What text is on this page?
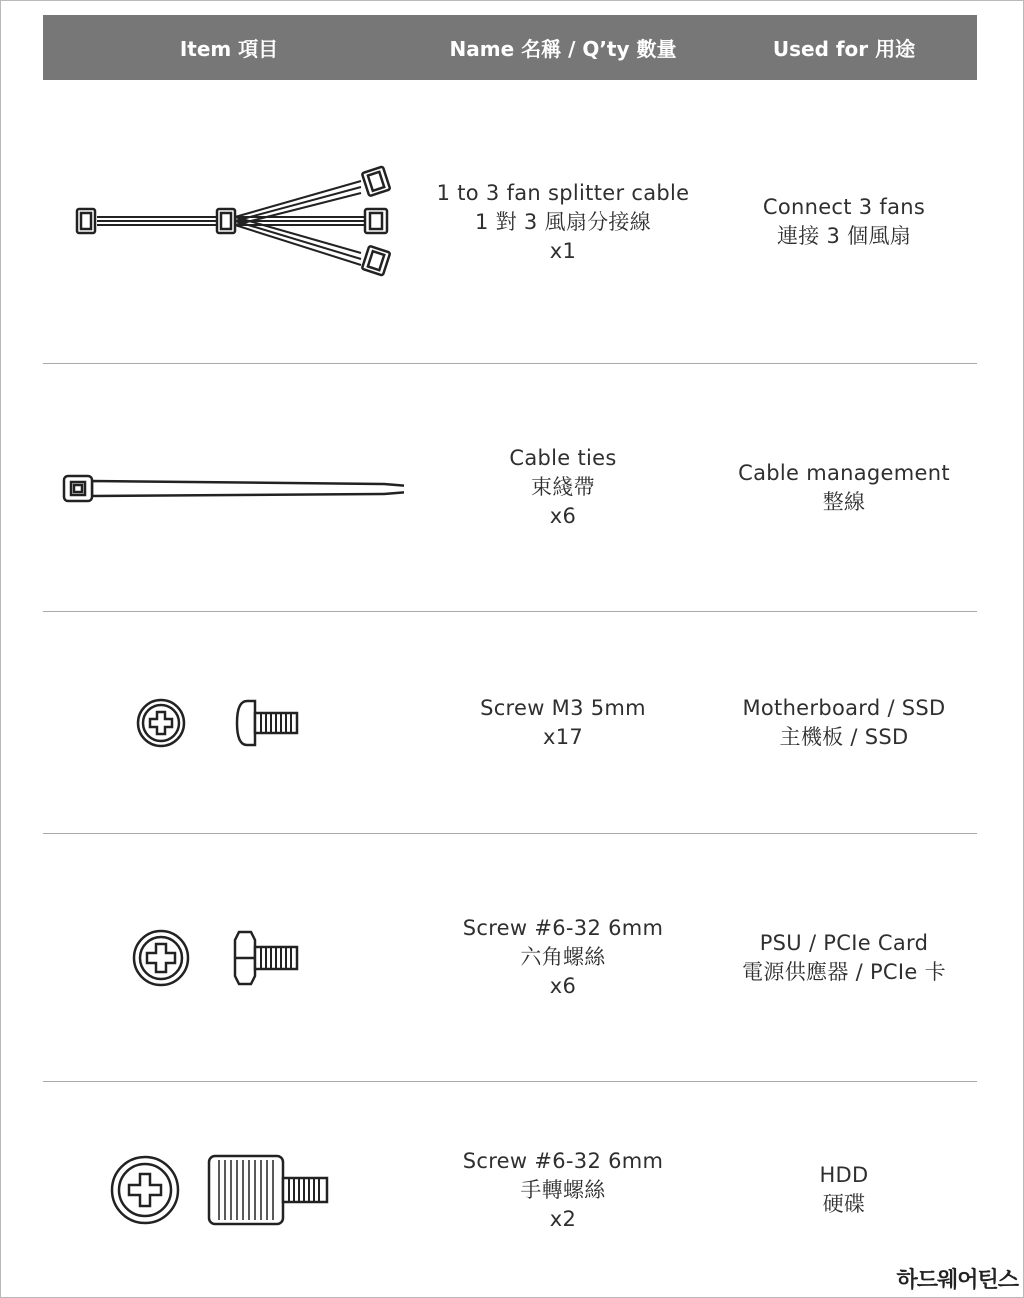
Item 項目	Name 名稱 / Q’ty 數量	Used for 用途
1 to 3 fan splitter cable
1 對 3 風扇分接線
x1
Connect 3 fans
連接 3 個風扇
Cable ties
束綫帶
x6
Cable management
整線
Screw M3 5mm
x17
Motherboard / SSD
主機板 / SSD
Screw #6-32 6mm
六角螺絲
x6
PSU / PCIe Card
電源供應器 / PCIe 卡
Screw #6-32 6mm
手轉螺絲
x2
HDD
硬碟
하드웨어틴스
